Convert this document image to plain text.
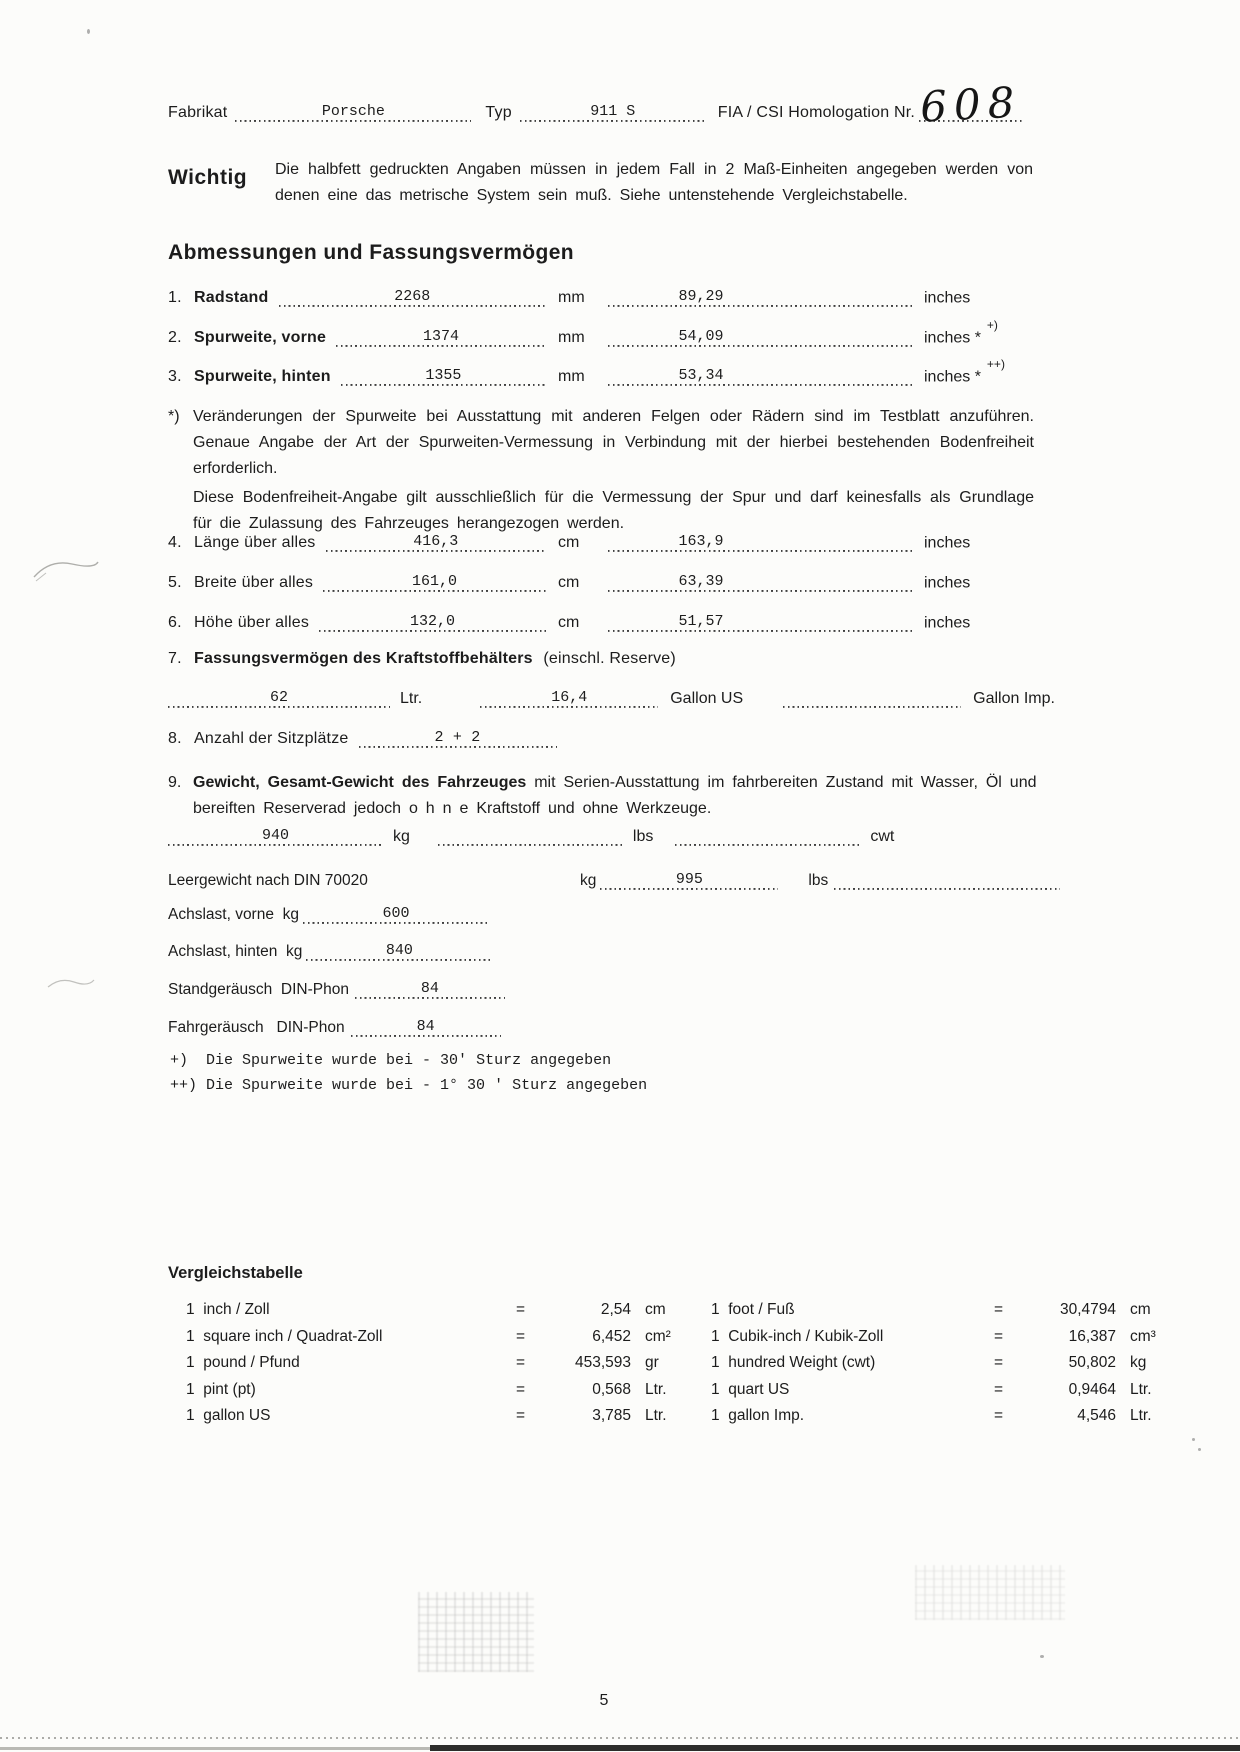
Fabrikat	Porsche	Typ	911 S	FIA / CSI Homologation Nr. 608
Wichtig Die halbfett gedruckten Angaben müssen in jedem Fall in 2 Maß-Einheiten angegeben werden von denen eine das metrische System sein muß. Siehe untenstehende Vergleichstabelle.
Abmessungen und Fassungsvermögen
1. Radstand	2268	mm	89,29	inches
2. Spurweite, vorne	1374	mm	54,09	inches *+)
3. Spurweite, hinten	1355	mm	53,34	inches *++)
*) Veränderungen der Spurweite bei Ausstattung mit anderen Felgen oder Rädern sind im Testblatt anzuführen. Genaue Angabe der Art der Spurweiten-Vermessung in Verbindung mit der hierbei bestehenden Bodenfreiheit erforderlich.
Diese Bodenfreiheit-Angabe gilt ausschließlich für die Vermessung der Spur und darf keinesfalls als Grundlage für die Zulassung des Fahrzeuges herangezogen werden.
4. Länge über alles	416,3	cm	163,9	inches
5. Breite über alles	161,0	cm	63,39	inches
6. Höhe über alles	132,0	cm	51,57	inches
7. Fassungsvermögen des Kraftstoffbehälters (einschl. Reserve)
62	Ltr.	16,4	Gallon US	Gallon Imp.
8. Anzahl der Sitzplätze	2 + 2
9. Gewicht, Gesamt-Gewicht des Fahrzeuges mit Serien-Ausstattung im fahrbereiten Zustand mit Wasser, Öl und bereiften Reserverad jedoch o h n e Kraftstoff und ohne Werkzeuge.
940	kg	lbs	cwt
Leergewicht nach DIN 70020	kg	995	lbs
Achslast, vorne  kg	600
Achslast, hinten  kg	840
Standgeräusch  DIN-Phon	84
Fahrgeräusch   DIN-Phon	84
+)  Die Spurweite wurde bei - 30′ Sturz angegeben
++) Die Spurweite wurde bei - 1° 30 ′ Sturz angegeben
Vergleichstabelle
1  inch / Zoll	=	2,54 cm	1  foot / Fuß	=	30,4794 cm
1  square inch / Quadrat-Zoll	=	6,452 cm²	1  Cubik-inch / Kubik-Zoll	=	16,387 cm³
1  pound / Pfund	=	453,593 gr	1  hundred Weight (cwt)	=	50,802 kg
1  pint (pt)	=	0,568 Ltr.	1  quart US	=	0,9464 Ltr.
1  gallon US	=	3,785 Ltr.	1  gallon Imp.	=	4,546 Ltr.
5
